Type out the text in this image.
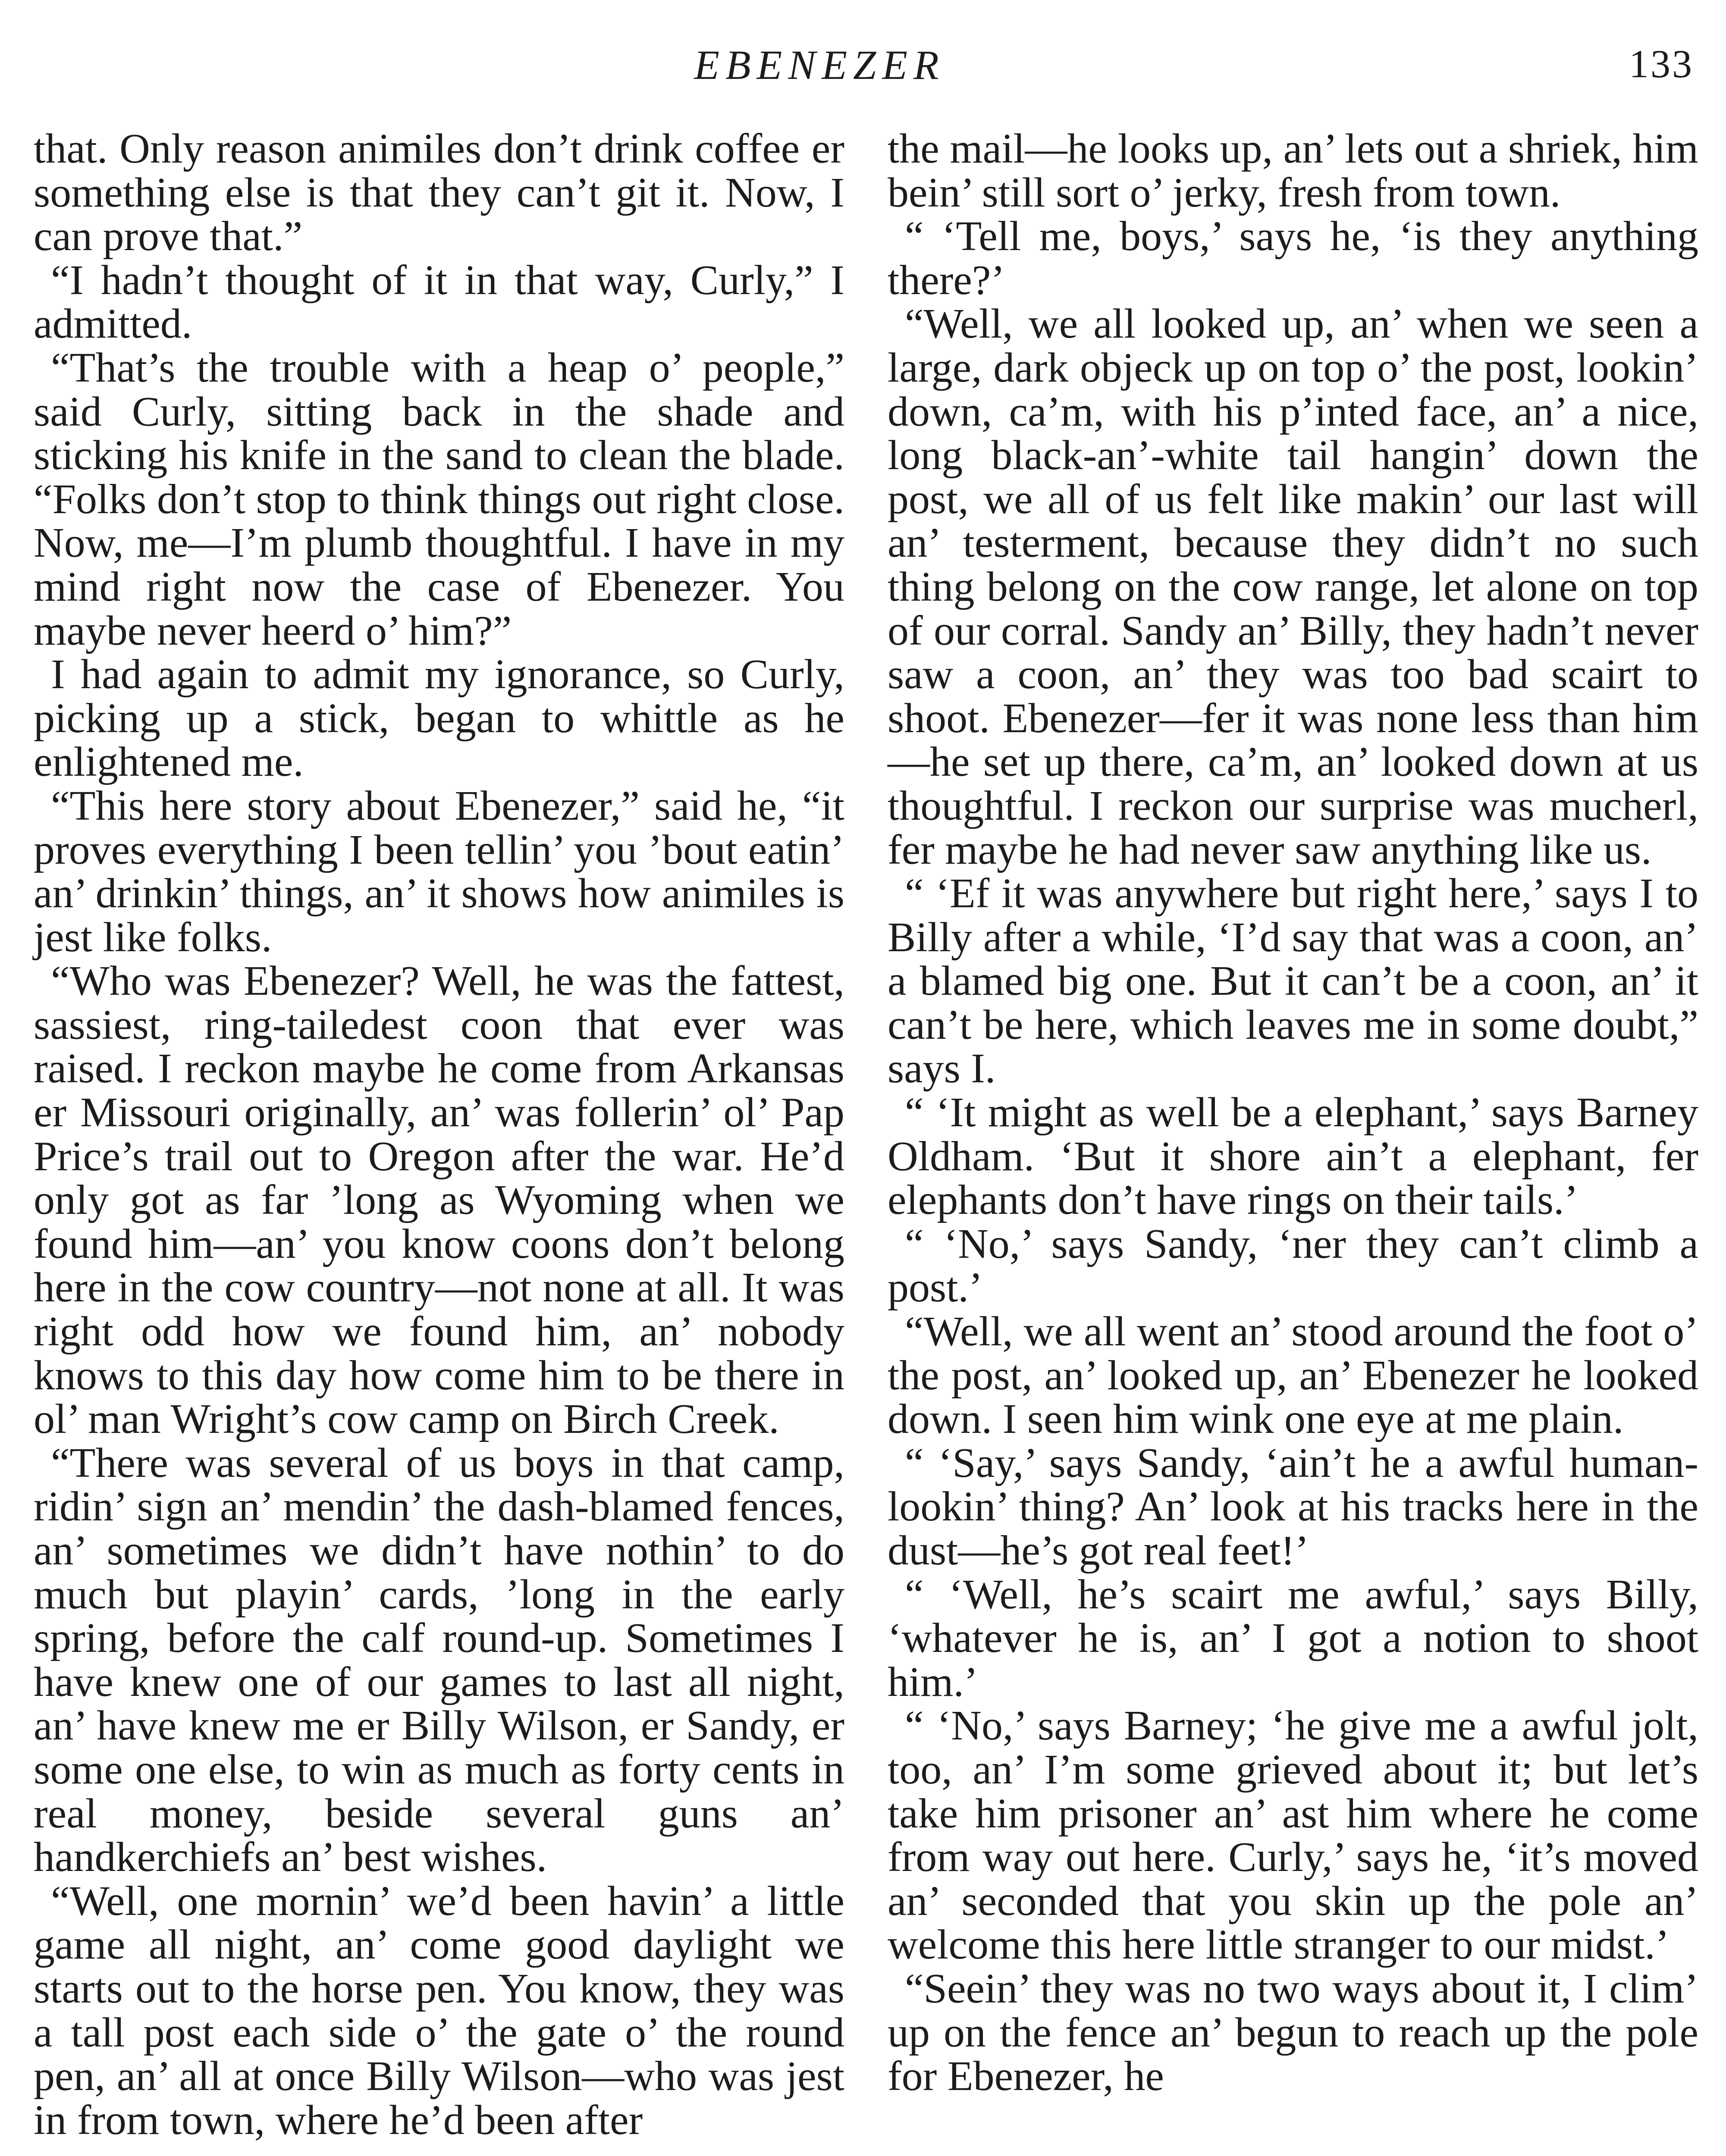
EBENEZER	133

that. Only reason animiles don’t drink coffee er something else is that they can’t git it. Now, I can prove that.”

“I hadn’t thought of it in that way, Curly,” I admitted.

“That’s the trouble with a heap o’ people,” said Curly, sitting back in the shade and sticking his knife in the sand to clean the blade. “Folks don’t stop to think things out right close. Now, me—I’m plumb thoughtful. I have in my mind right now the case of Ebenezer. You maybe never heerd o’ him?”

I had again to admit my ignorance, so Curly, picking up a stick, began to whittle as he enlightened me.

“This here story about Ebenezer,” said he, “it proves everything I been tellin’ you ’bout eatin’ an’ drinkin’ things, an’ it shows how animiles is jest like folks.

“Who was Ebenezer? Well, he was the fattest, sassiest, ring-tailedest coon that ever was raised. I reckon maybe he come from Arkansas er Missouri originally, an’ was follerin’ ol’ Pap Price’s trail out to Oregon after the war. He’d only got as far ’long as Wyoming when we found him—an’ you know coons don’t belong here in the cow country—not none at all. It was right odd how we found him, an’ nobody knows to this day how come him to be there in ol’ man Wright’s cow camp on Birch Creek.

“There was several of us boys in that camp, ridin’ sign an’ mendin’ the dash-blamed fences, an’ sometimes we didn’t have nothin’ to do much but playin’ cards, ’long in the early spring, before the calf round-up. Sometimes I have knew one of our games to last all night, an’ have knew me er Billy Wilson, er Sandy, er some one else, to win as much as forty cents in real money, beside several guns an’ handkerchiefs an’ best wishes.

“Well, one mornin’ we’d been havin’ a little game all night, an’ come good daylight we starts out to the horse pen. You know, they was a tall post each side o’ the gate o’ the round pen, an’ all at once Billy Wilson—who was jest in from town, where he’d been after

the mail—he looks up, an’ lets out a shriek, him bein’ still sort o’ jerky, fresh from town.

“ ‘Tell me, boys,’ says he, ‘is they anything there?’

“Well, we all looked up, an’ when we seen a large, dark objeck up on top o’ the post, lookin’ down, ca’m, with his p’inted face, an’ a nice, long black-an’-white tail hangin’ down the post, we all of us felt like makin’ our last will an’ testerment, because they didn’t no such thing belong on the cow range, let alone on top of our corral. Sandy an’ Billy, they hadn’t never saw a coon, an’ they was too bad scairt to shoot. Ebenezer—fer it was none less than him—he set up there, ca’m, an’ looked down at us thoughtful. I reckon our surprise was mucherl, fer maybe he had never saw anything like us.

“ ‘Ef it was anywhere but right here,’ says I to Billy after a while, ‘I’d say that was a coon, an’ a blamed big one. But it can’t be a coon, an’ it can’t be here, which leaves me in some doubt,” says I.

“ ‘It might as well be a elephant,’ says Barney Oldham. ‘But it shore ain’t a elephant, fer elephants don’t have rings on their tails.’

“ ‘No,’ says Sandy, ‘ner they can’t climb a post.’

“Well, we all went an’ stood around the foot o’ the post, an’ looked up, an’ Ebenezer he looked down. I seen him wink one eye at me plain.

“ ‘Say,’ says Sandy, ‘ain’t he a awful human-lookin’ thing? An’ look at his tracks here in the dust—he’s got real feet!’

“ ‘Well, he’s scairt me awful,’ says Billy, ‘whatever he is, an’ I got a notion to shoot him.’

“ ‘No,’ says Barney; ‘he give me a awful jolt, too, an’ I’m some grieved about it; but let’s take him prisoner an’ ast him where he come from way out here. Curly,’ says he, ‘it’s moved an’ seconded that you skin up the pole an’ welcome this here little stranger to our midst.’

“Seein’ they was no two ways about it, I clim’ up on the fence an’ begun to reach up the pole for Ebenezer, he
